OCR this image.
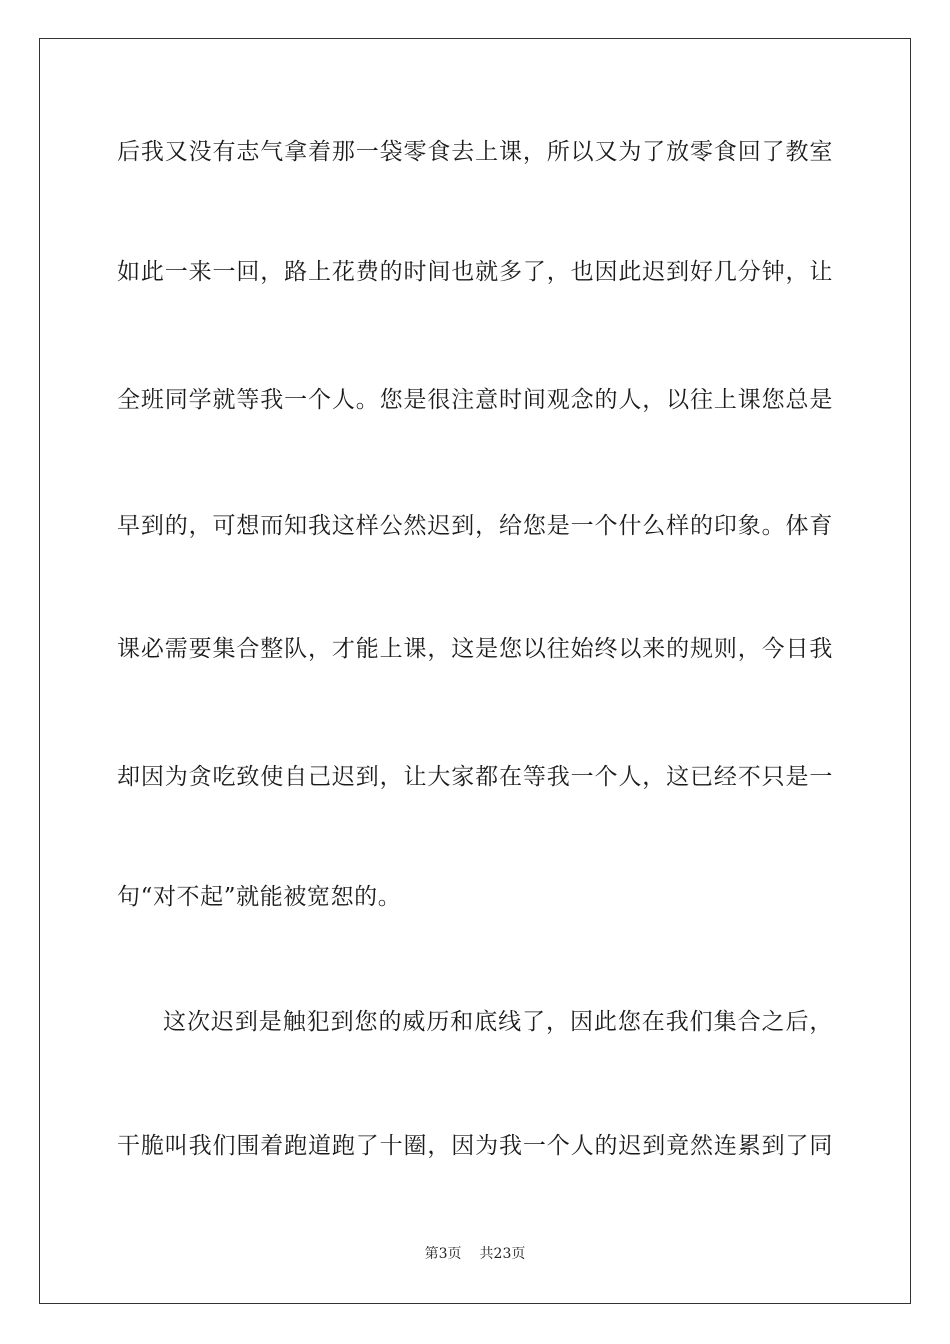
后我又没有志气拿着那一袋零食去上课，所以又为了放零食回了教室
如此一来一回，路上花费的时间也就多了，也因此迟到好几分钟，让
全班同学就等我一个人。您是很注意时间观念的人，以往上课您总是
早到的，可想而知我这样公然迟到，给您是一个什么样的印象。体育
课必需要集合整队，才能上课，这是您以往始终以来的规则，今日我
却因为贪吃致使自己迟到，让大家都在等我一个人，这已经不只是一
句“对不起”就能被宽恕的。
这次迟到是触犯到您的威历和底线了，因此您在我们集合之后，
干脆叫我们围着跑道跑了十圈，因为我一个人的迟到竟然连累到了同
第3页 共23页
